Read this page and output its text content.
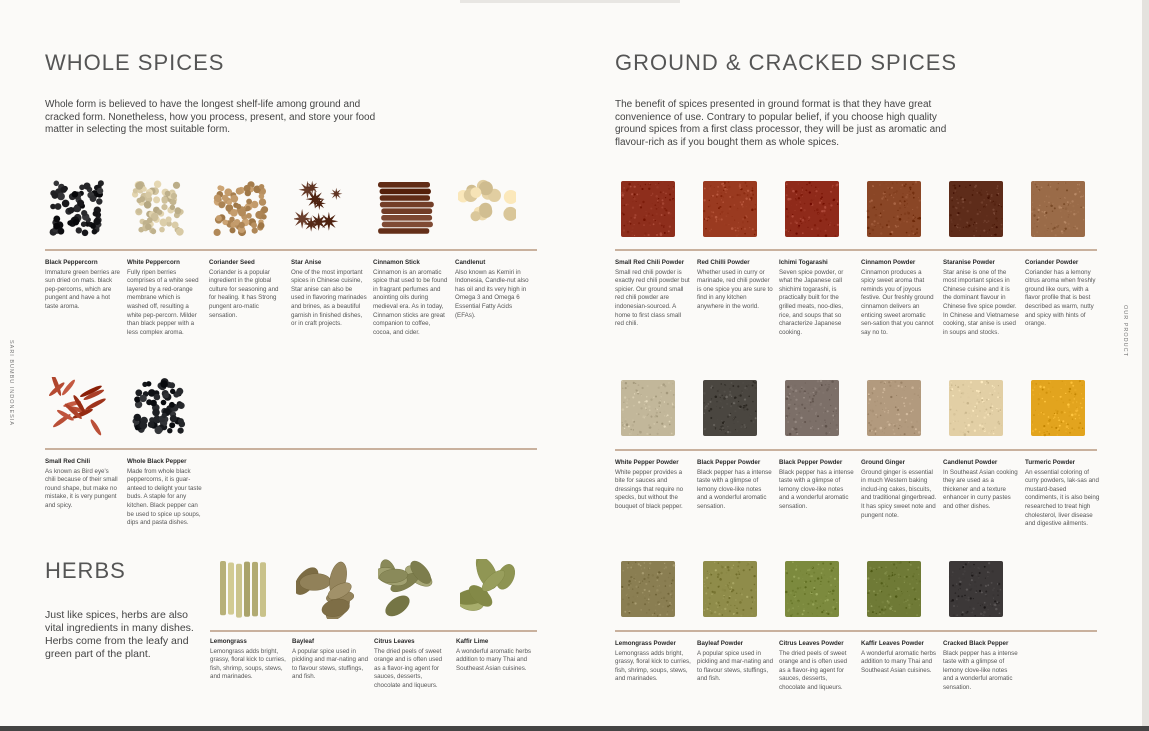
SARI BUMBU INDONESIA
OUR PRODUCT
WHOLE SPICES

Whole form is believed to have the longest shelf-life among ground and cracked form. Nonetheless, how you process, present, and store your food matter in selecting the most suitable form.

HERBS

Just like spices, herbs are also vital ingredients in many dishes. Herbs come from the leafy and green part of the plant.

GROUND & CRACKED SPICES

The benefit of spices presented in ground format is that they have great convenience of use. Contrary to popular belief, if you choose high quality ground spices from a first class processor, they will be just as aromatic and flavour-rich as if you bought them as whole spices.

Black Peppercorn
Immature green berries are sun dried on mats. black pep-percorns, which are pungent and have a hot taste aroma.
White Peppercorn
Fully ripen berries comprises of a white seed layered by a red-orange membrane which is washed off, resulting a white pep-percorn. Milder than black pepper with a less complex aroma.
Coriander Seed
Coriander is a popular ingredient in the global culture for seasoning and for healing. It has Strong pungent aro-matic sensation.
Star Anise
One of the most important spices in Chinese cuisine, Star anise can also be used in flavoring marinades and brines, as a beautiful garnish in finished dishes, or in craft projects.
Cinnamon Stick
Cinnamon is an aromatic spice that used to be found in fragrant perfumes and anointing oils during medieval era. As in today, Cinnamon sticks are great companion to coffee, cocoa, and cider.
Candlenut
Also known as Kemiri in Indonesia, Candle-nut also has oil and its very high in Omega 3 and Omega 6 Essential Fatty Acids (EFAs).
Small Red Chili
As known as Bird eye's chili because of their small round shape, but make no mistake, it is very pungent and spicy.
Whole Black Pepper
Made from whole black peppercorns, it is guar-anteed to delight your taste buds. A staple for any kitchen. Black pepper can be used to spice up soups, dips and pasta dishes.
Lemongrass
Lemongrass adds bright, grassy, floral kick to curries, fish, shrimp, soups, stews, and marinades.
Bayleaf
A popular spice used in pickling and mar-nating and to flavour stews, stuffings, and fish.
Citrus Leaves
The dried peels of sweet orange and is often used as a flavor-ing agent for sauces, desserts, chocolate and liqueurs.
Kaffir Lime
A wonderful aromatic herbs addition to many Thai and Southeast Asian cuisines.
Small Red Chili Powder
Small red chili powder is exactly red chili powder but spicier. Our ground small red chili powder are indonesian-sourced. A home to first class small red chili.
Red Chilli Powder
Whether used in curry or marinade, red chili powder is one spice you are sure to find in any kitchen anywhere in the world.
Ichimi Togarashi
Seven spice powder, or what the Japanese call shichimi togarashi, is practically built for the grilled meats, noo-dles, rice, and soups that so characterize Japanese cooking.
Cinnamon Powder
Cinnamon produces a spicy sweet aroma that reminds you of joyous festive. Our freshly ground cinnamon delivers an enticing sweet aromatic sen-sation that you cannot say no to.
Staranise Powder
Star anise is one of the most important spices in Chinese cuisine and it is the dominant flavour in Chinese five spice powder. In Chinese and Vietnamese cooking, star anise is used in soups and stocks.
Coriander Powder
Coriander has a lemony citrus aroma when freshly ground like ours, with a flavor profile that is best described as warm, nutty and spicy with hints of orange.
White Pepper Powder
White pepper provides a bite for sauces and dressings that require no specks, but without the bouquet of black pepper.
Black Pepper Powder
Black pepper has a intense taste with a glimpse of lemony clove-like notes and a wonderful aromatic sensation.
Black Pepper Powder
Black pepper has a intense taste with a glimpse of lemony clove-like notes and a wonderful aromatic sensation.
Ground Ginger
Ground ginger is essential in much Western baking includ-ing cakes, biscuits, and traditional gingerbread. It has spicy sweet note and pungent note.
Candlenut Powder
In Southeast Asian cooking they are used as a thickener and a texture enhancer in curry pastes and other dishes.
Turmeric Powder
An essential coloring of curry powders, lak-sas and mustard-based condiments, it is also being researched to treat high cholesterol, liver disease and digestive ailments.
Lemongrass Powder
Lemongrass adds bright, grassy, floral kick to curries, fish, shrimp, soups, stews, and marinades.
Bayleaf Powder
A popular spice used in pickling and mar-nating and to flavour stews, stuffings, and fish.
Citrus Leaves Powder
The dried peels of sweet orange and is often used as a flavor-ing agent for sauces, desserts, chocolate and liqueurs.
Kaffir Leaves Powder
A wonderful aromatic herbs addition to many Thai and Southeast Asian cuisines.
Cracked Black Pepper
Black pepper has a intense taste with a glimpse of lemony clove-like notes and a wonderful aromatic sensation.
